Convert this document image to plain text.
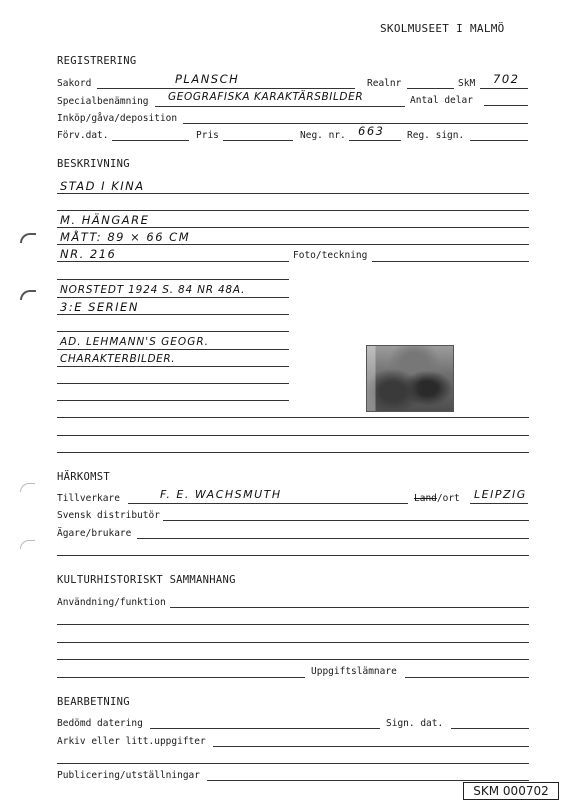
SKOLMUSEET I MALMÖ
REGISTRERING
Sakord	PLANSCH	Realnr	SkM 702
Specialbenämning GEOGRAFISKA KARAKTÄRSBILDER	Antal delar
Inköp/gåva/deposition
Förv.dat.	Pris	Neg. nr. 663 Reg. sign.
BESKRIVNING
Foto/teckning
STAD I KINA
M. HÄNGARE
MÅTT: 89 × 66 CM
NR. 216
NORSTEDT 1924 S. 84 NR 48A.
3:E SERIEN
AD. LEHMANN'S GEOGR.
CHARAKTERBILDER.
HÄRKOMST
Tillverkare	F. E. WACHSMUTH	Land/ort LEIPZIG
Svensk distributör
Ägare/brukare
KULTURHISTORISKT SAMMANHANG
Användning/funktion
Uppgiftslämnare
BEARBETNING
Bedömd datering	Sign. dat.
Arkiv eller litt.uppgifter
Publicering/utställningar
SKM 000702
